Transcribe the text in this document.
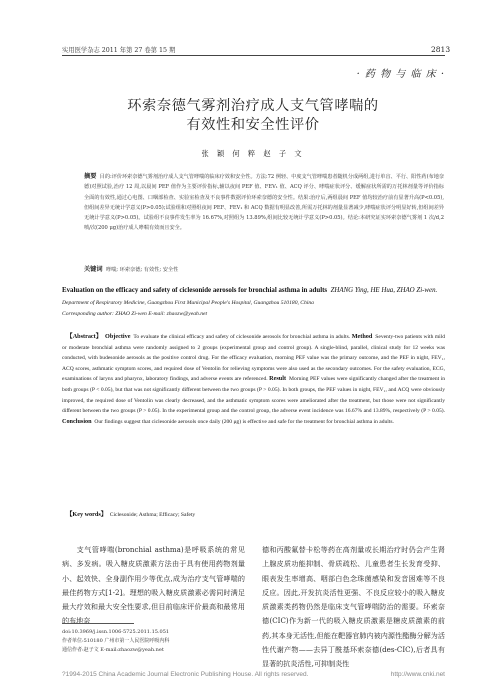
实用医学杂志 2011 年第 27 卷第 15 期	2813
· 药 物 与 临 床 ·
环索奈德气雾剂治疗成人支气管哮喘的
有效性和安全性评价
张 颖 何 粹 赵 子 文
摘要 目的:评价环索奈德气雾剂治疗成人支气管哮喘的临床疗效和安全性。方法:72 例轻、中度支气管哮喘患者随机分成两组,进行单盲、平行、阳性药(布地奈德)对照试验,治疗 12 周,以晨间 PEF 值作为主要评价指标,辅以夜间 PEF 值、FEV₁ 值、ACQ 评分、哮喘症状评分、缓解症状所需的万托林剂量等评价指标全面的有效性,通过心电图、口咽部检查、实验室检查及不良事件数据评价环索奈德的安全性。结果:治疗后,两组晨间 PEF 值均较治疗前有显著升高(P<0.05),但组间差异无统计学意义(P>0.05);试验组和对照组夜间 PEF、FEV₁ 和 ACQ 数据有明显改善,所需万托林的剂量显著减少,哮喘症状评分明显好转,但组间差异无统计学意义(P>0.05)。试验组不良事件发生率为 16.67%,对照组为 13.89%,组间比较无统计学意义(P>0.05)。结论:本研究证实环索奈德气雾剂 1 次/d,2 喷/次(200 μg)治疗成人哮喘有效而且安全。
关键词 哮喘; 环索奈德; 有效性; 安全性
Evaluation on the efficacy and safety of ciclesonide aerosols for bronchial asthma in adults ZHANG Ying, HE Hua, ZHAO Zi-wen.
Department of Respiratory Medicine, Guangzhou First Municipal People's Hospital, Guangzhou 510180, China
Corresponding author: ZHAO Zi-wen E-mail: zhaozw@yeah.net
【Abstract】 Objective To evaluate the clinical efficacy and safety of ciclesonide aerosols for bronchial asthma in adults. Method Seventy-two patients with mild or moderate bronchial asthma were randomly assigned to 2 groups (experimental group and control group). A single-blind, parallel, clinical study for 12 weeks was conducted, with budesonide aerosols as the positive control drug. For the efficacy evaluation, morning PEF value was the primary outcome, and the PEF in night, FEV₁, ACQ scores, asthmatic symptom scores, and required dose of Ventolin for relieving symptoms were also used as the secondary outcomes. For the safety evaluation, ECG, examinations of larynx and pharynx, laboratory findings, and adverse events are referenced. Result Morning PEF values were significantly changed after the treatment in both groups (P < 0.05), but that was not significantly different between the two groups (P > 0.05). In both groups, the PEF values in night, FEV₁, and ACQ were obviously improved, the required dose of Ventolin was clearly decreased, and the asthmatic symptom scores were ameliorated after the treatment, but those were not significantly different between the two groups (P > 0.05). In the experimental group and the control group, the adverse event incidence was 16.67% and 13.89%, respectively (P > 0.05). Conclusion Our findings suggest that ciclesonide aerosols once daily (200 μg) is effective and safe for the treatment for bronchial asthma in adults.
【Key words】 Ciclesonide; Asthma; Efficacy; Safety
支气管哮喘(bronchial asthma)是呼吸系统的常见病、多发病。吸入糖皮质激素方法由于具有使用药物剂量小、起效快、全身副作用少等优点,成为治疗支气管哮喘的最佳药物方式[1-2]。理想的吸入糖皮质激素必需同时满足最大疗效和最大安全性要求,但目前临床评价最高和最常用的布地奈
德和丙酸氟替卡松等药在高剂量或长期治疗时仍会产生肾上腺皮质功能抑制、骨质疏松、儿童患者生长发育受抑、眼表发生率增高、咽部白色念珠菌感染和发音困难等不良反应。因此,开发抗炎活性更强、不良反应较小的吸入糖皮质激素类药物仍然是临床支气管哮喘防治的需要。环索奈德(CIC)作为新一代的吸入糖皮质激素是糖皮质激素的前药,其本身无活性,但能在靶器官肺内被内源性酯酶分解为活性代谢产物——去异丁酰基环索奈德(des-CIC),后者具有显著的抗炎活性,可抑制炎性
doi:10.3969/j.issn.1006-5725.2011.15.051
作者单位:510180 广州市第一人民医院呼吸内科
通信作者:赵子文 E-mail:zhaozw@yeah.net
?1994-2015 China Academic Journal Electronic Publishing House. All rights reserved.	http://www.cnki.net
